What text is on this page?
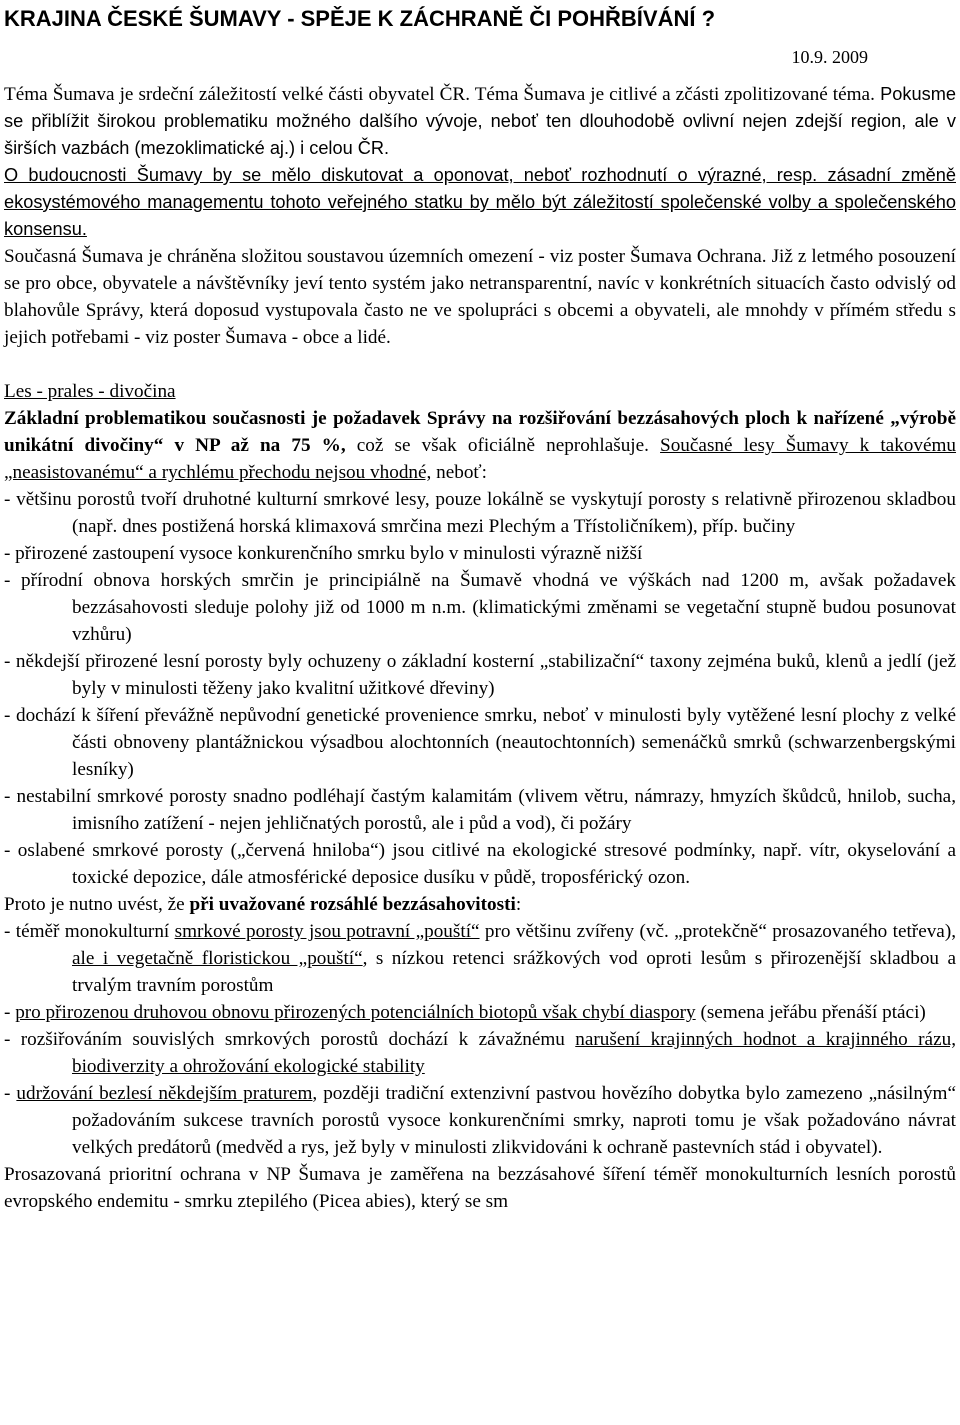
KRAJINA ČESKÉ ŠUMAVY - SPĚJE K ZÁCHRANĚ ČI POHŘBÍVÁNÍ ?
10.9. 2009

Téma Šumava je srdeční záležitostí velké části obyvatel ČR. Téma Šumava je citlivé a zčásti zpolitizované téma. Pokusme se přiblížit širokou problematiku možného dalšího vývoje, neboť ten dlouhodobě ovlivní nejen zdejší region, ale v širších vazbách (mezoklimatické aj.) i celou ČR.

O budoucnosti Šumavy by se mělo diskutovat a oponovat, neboť rozhodnutí o výrazné, resp. zásadní změně ekosystémového managementu tohoto veřejného statku by mělo být záležitostí společenské volby a společenského konsensu.

Současná Šumava je chráněna složitou soustavou územních omezení - viz poster Šumava Ochrana. Již z letmého posouzení se pro obce, obyvatele a návštěvníky jeví tento systém jako netransparentní, navíc v konkrétních situacích často odvislý od blahovůle Správy, která doposud vystupovala často ne ve spolupráci s obcemi a obyvateli, ale mnohdy v přímém středu s jejich potřebami - viz poster Šumava - obce a lidé.

Les - prales - divočina

Základní problematikou současnosti je požadavek Správy na rozšiřování bezzásahových ploch k nařízené „výrobě unikátní divočiny“ v NP až na 75 %, což se však oficiálně neprohlašuje. Současné lesy Šumavy k takovému „neasistovanému“ a rychlému přechodu nejsou vhodné, neboť:

- většinu porostů tvoří druhotné kulturní smrkové lesy, pouze lokálně se vyskytují porosty s relativně přirozenou skladbou (např. dnes postižená horská klimaxová smrčina mezi Plechým a Třístoličníkem), příp. bučiny

- přirozené zastoupení vysoce konkurenčního smrku bylo v minulosti výrazně nižší

- přírodní obnova horských smrčin je principiálně na Šumavě vhodná ve výškách nad 1200 m, avšak požadavek bezzásahovosti sleduje polohy již od 1000 m n.m. (klimatickými změnami se vegetační stupně budou posunovat vzhůru)

- někdejší přirozené lesní porosty byly ochuzeny o základní kosterní „stabilizační“ taxony zejména buků, klenů a jedlí (jež byly v minulosti těženy jako kvalitní užitkové dřeviny)

- dochází k šíření převážně nepůvodní genetické provenience smrku, neboť v minulosti byly vytěžené lesní plochy z velké části obnoveny plantážnickou výsadbou alochtonních (neautochtonních) semenáčků smrků (schwarzenbergskými lesníky)

- nestabilní smrkové porosty snadno podléhají častým kalamitám (vlivem větru, námrazy, hmyzích škůdců, hnilob, sucha, imisního zatížení - nejen jehličnatých porostů, ale i půd a vod), či požáry

- oslabené smrkové porosty („červená hniloba“) jsou citlivé na ekologické stresové podmínky, např. vítr, okyselování a toxické depozice, dále atmosférické deposice dusíku v půdě, troposférický ozon.

Proto je nutno uvést, že při uvažované rozsáhlé bezzásahovitosti:

- téměř monokulturní smrkové porosty jsou potravní „pouští“ pro většinu zvířeny (vč. „protekčně“ prosazovaného tetřeva), ale i vegetačně floristickou „pouští“, s nízkou retenci srážkových vod oproti lesům s přirozenější skladbou a trvalým travním porostům

- pro přirozenou druhovou obnovu přirozených potenciálních biotopů však chybí diaspory (semena jeřábu přenáší ptáci)

- rozšiřováním souvislých smrkových porostů dochází k závažnému narušení krajinných hodnot a krajinného rázu, biodiverzity a ohrožování ekologické stability

- udržování bezlesí někdejším praturem, později tradiční extenzivní pastvou hovězího dobytka bylo zamezeno „násilným“ požadováním sukcese travních porostů vysoce konkurenčními smrky, naproti tomu je však požadováno návrat velkých predátorů (medvěd a rys, jež byly v minulosti zlikvidováni k ochraně pastevních stád i obyvatel).

Prosazovaná prioritní ochrana v NP Šumava je zaměřena na bezzásahové šíření téměř monokulturních lesních porostů evropského endemitu - smrku ztepilého (Picea abies), který se sm
